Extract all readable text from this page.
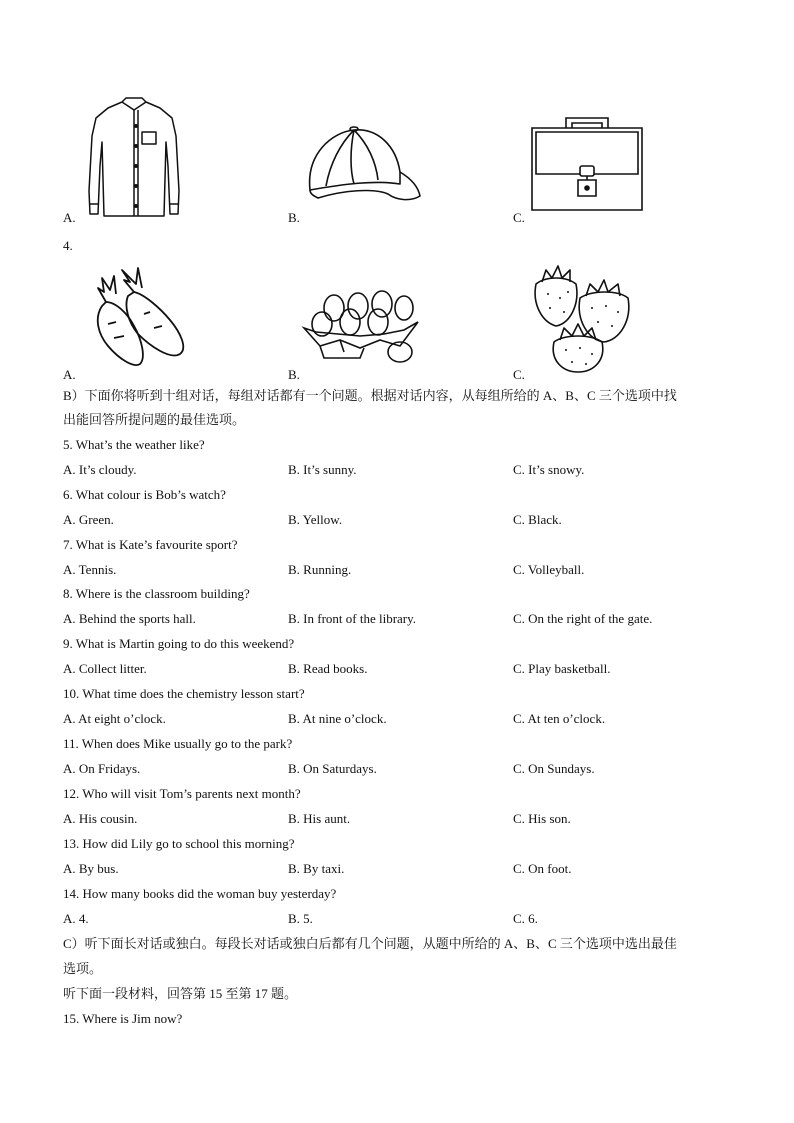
A.	B.	C.
4.
A.	B.	C.
B）下面你将听到十组对话，每组对话都有一个问题。根据对话内容，从每组所给的 A、B、C 三个选项中找
出能回答所提问题的最佳选项。
5. What’s the weather like?
A. It’s cloudy.	B. It’s sunny.	C. It’s snowy.
6. What colour is Bob’s watch?
A. Green.	B. Yellow.	C. Black.
7. What is Kate’s favourite sport?
A. Tennis.	B. Running.	C. Volleyball.
8. Where is the classroom building?
A. Behind the sports hall.	B. In front of the library.	C. On the right of the gate.
9. What is Martin going to do this weekend?
A. Collect litter.	B. Read books.	C. Play basketball.
10. What time does the chemistry lesson start?
A. At eight o’clock.	B. At nine o’clock.	C. At ten o’clock.
11. When does Mike usually go to the park?
A. On Fridays.	B. On Saturdays.	C. On Sundays.
12. Who will visit Tom’s parents next month?
A. His cousin.	B. His aunt.	C. His son.
13. How did Lily go to school this morning?
A. By bus.	B. By taxi.	C. On foot.
14. How many books did the woman buy yesterday?
A. 4.	B. 5.	C. 6.
C）听下面长对话或独白。每段长对话或独白后都有几个问题，从题中所给的 A、B、C 三个选项中选出最佳
选项。
听下面一段材料，回答第 15 至第 17 题。
15. Where is Jim now?
